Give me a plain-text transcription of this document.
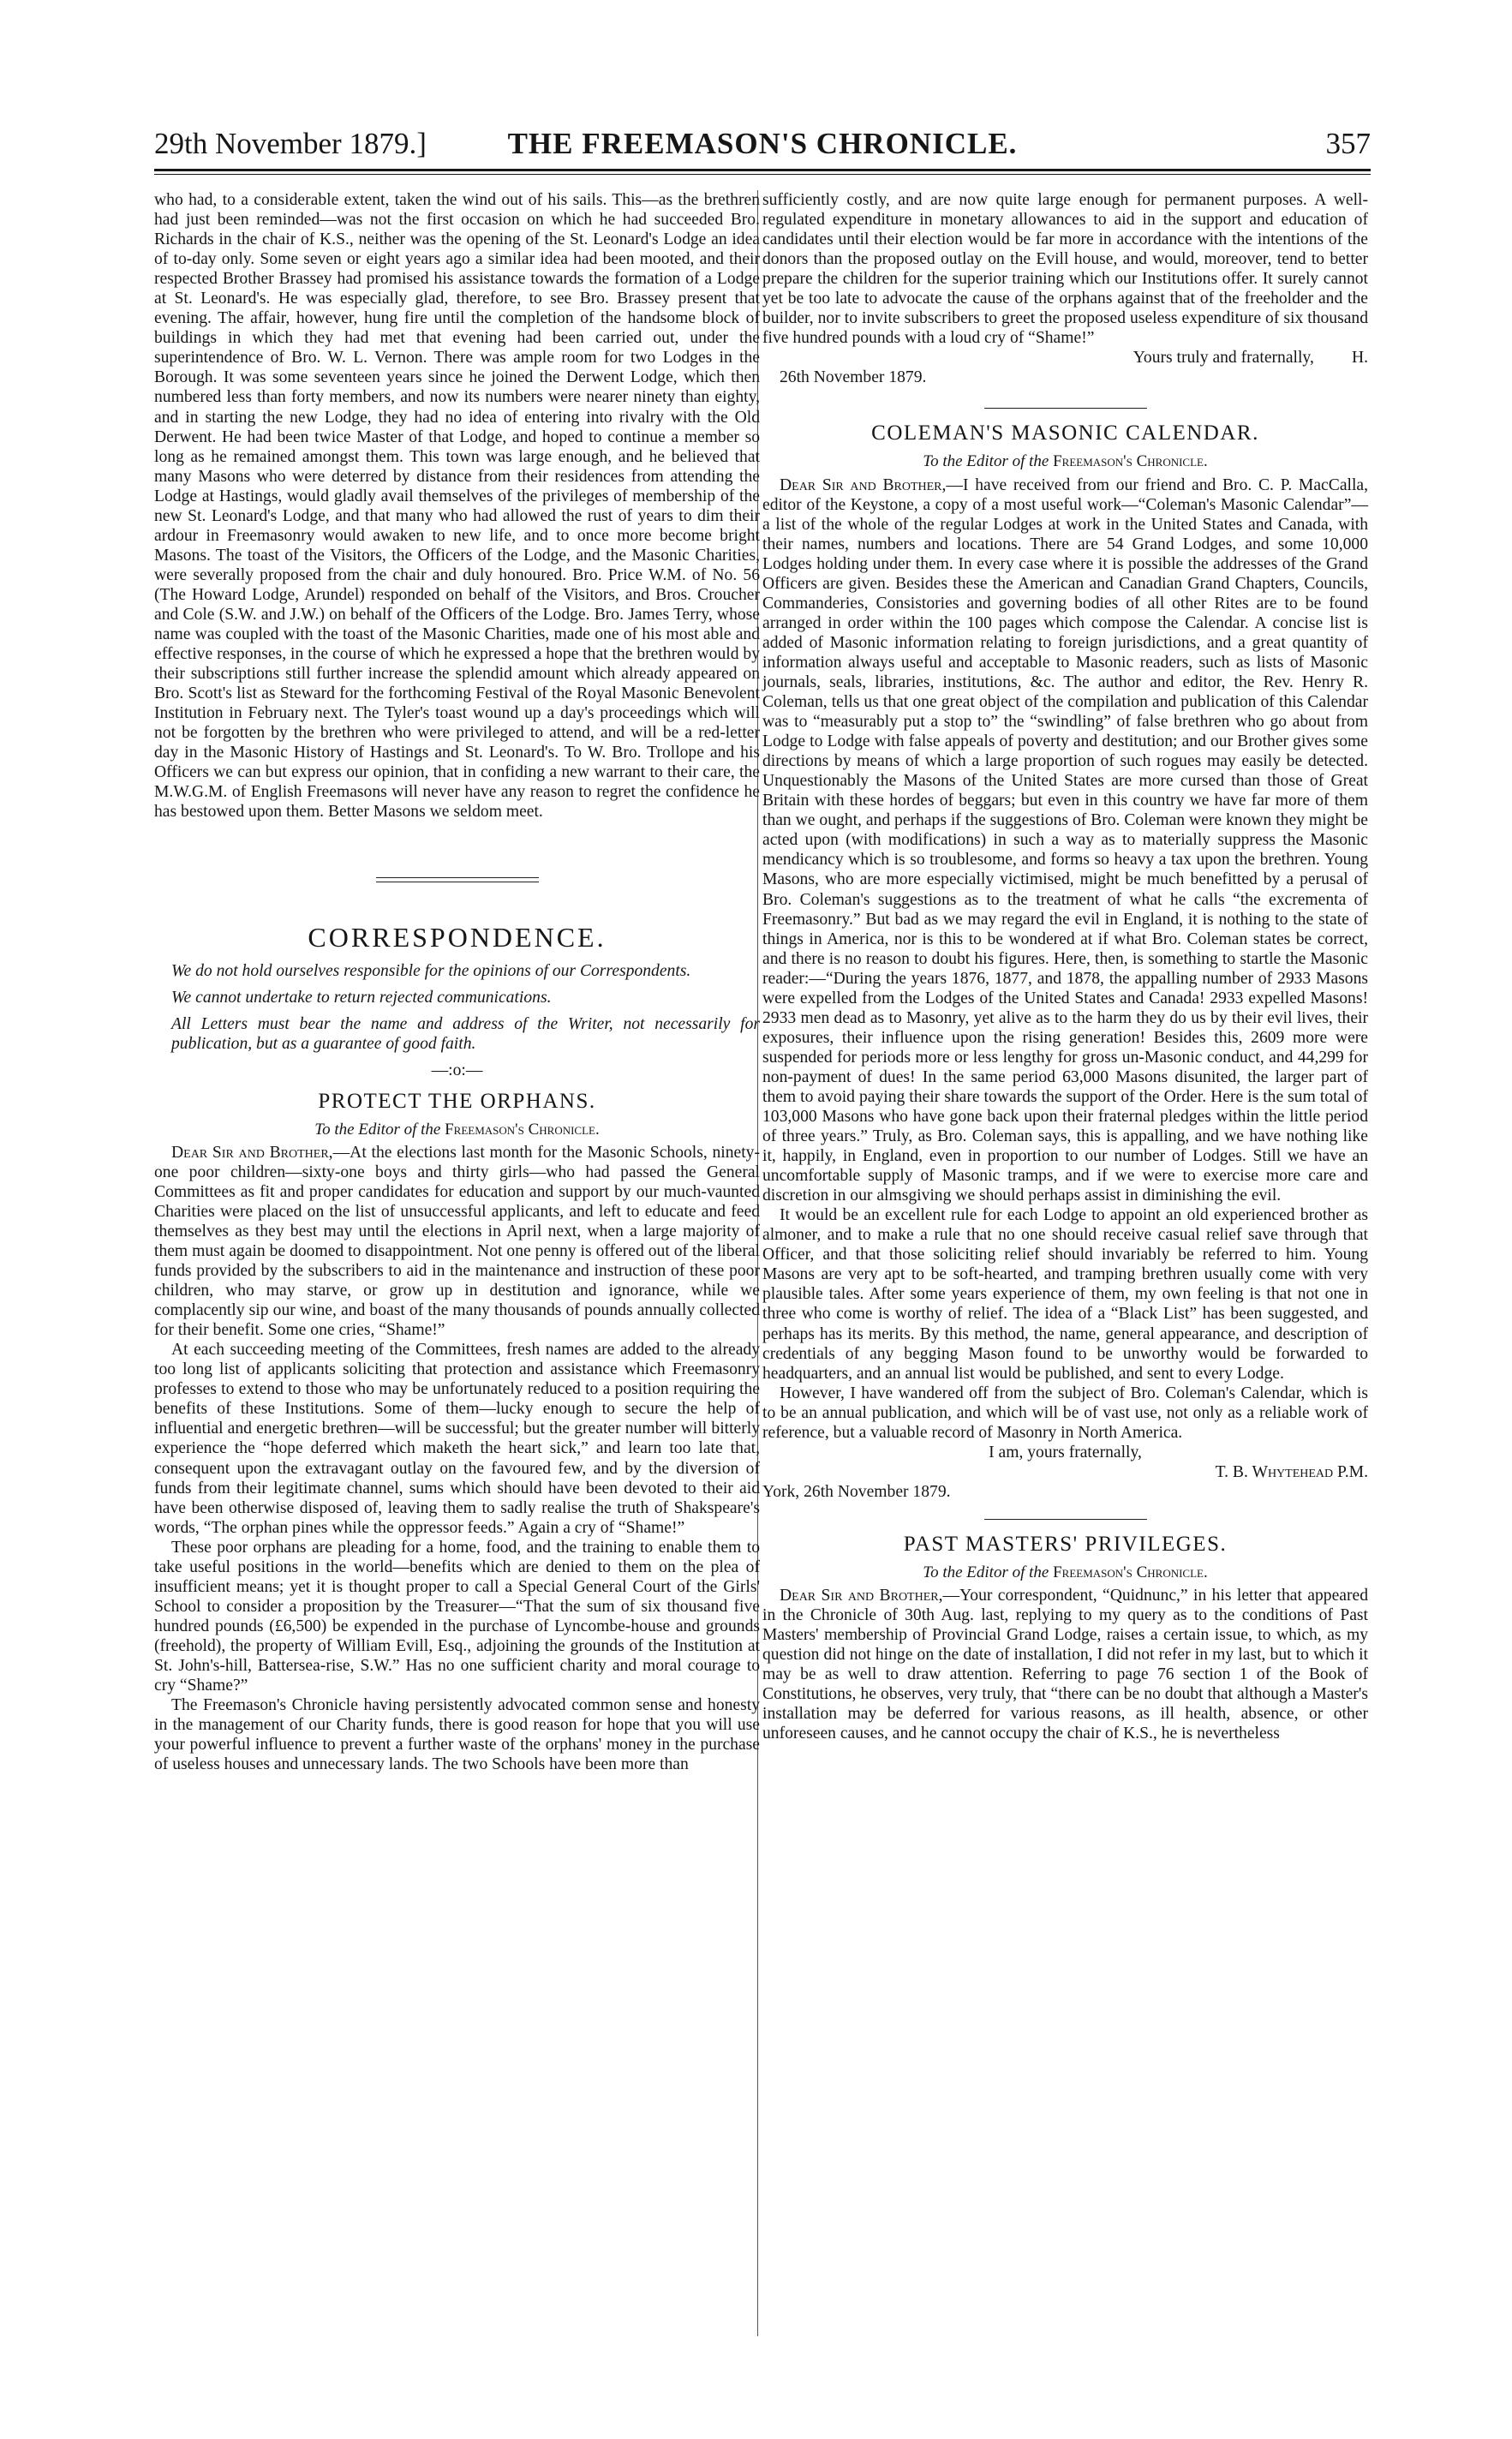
29th November 1879.]	THE FREEMASON'S CHRONICLE.	357

who had, to a considerable extent, taken the wind out of his sails. This—as the brethren had just been reminded—was not the first occasion on which he had succeeded Bro. Richards in the chair of K.S., neither was the opening of the St. Leonard's Lodge an idea of to-day only. Some seven or eight years ago a similar idea had been mooted, and their respected Brother Brassey had promised his assistance towards the formation of a Lodge at St. Leonard's. He was especially glad, therefore, to see Bro. Brassey present that evening. The affair, however, hung fire until the completion of the handsome block of buildings in which they had met that evening had been carried out, under the superintendence of Bro. W. L. Vernon. There was ample room for two Lodges in the Borough. It was some seventeen years since he joined the Derwent Lodge, which then numbered less than forty members, and now its numbers were nearer ninety than eighty, and in starting the new Lodge, they had no idea of entering into rivalry with the Old Derwent. He had been twice Master of that Lodge, and hoped to continue a member so long as he remained amongst them. This town was large enough, and he believed that many Masons who were deterred by distance from their residences from attending the Lodge at Hastings, would gladly avail themselves of the privileges of membership of the new St. Leonard's Lodge, and that many who had allowed the rust of years to dim their ardour in Freemasonry would awaken to new life, and to once more become bright Masons. The toast of the Visitors, the Officers of the Lodge, and the Masonic Charities, were severally proposed from the chair and duly honoured. Bro. Price W.M. of No. 56 (The Howard Lodge, Arundel) responded on behalf of the Visitors, and Bros. Croucher and Cole (S.W. and J.W.) on behalf of the Officers of the Lodge. Bro. James Terry, whose name was coupled with the toast of the Masonic Charities, made one of his most able and effective responses, in the course of which he expressed a hope that the brethren would by their subscriptions still further increase the splendid amount which already appeared on Bro. Scott's list as Steward for the forthcoming Festival of the Royal Masonic Benevolent Institution in February next. The Tyler's toast wound up a day's proceedings which will not be forgotten by the brethren who were privileged to attend, and will be a red-letter day in the Masonic History of Hastings and St. Leonard's. To W. Bro. Trollope and his Officers we can but express our opinion, that in confiding a new warrant to their care, the M.W.G.M. of English Freemasons will never have any reason to regret the confidence he has bestowed upon them. Better Masons we seldom meet.

CORRESPONDENCE.

We do not hold ourselves responsible for the opinions of our Correspondents.

We cannot undertake to return rejected communications.

All Letters must bear the name and address of the Writer, not necessarily for publication, but as a guarantee of good faith.

—:o:—

PROTECT THE ORPHANS.

To the Editor of the Freemason's Chronicle.

Dear Sir and Brother,—At the elections last month for the Masonic Schools, ninety-one poor children—sixty-one boys and thirty girls—who had passed the General Committees as fit and proper candidates for education and support by our much-vaunted Charities were placed on the list of unsuccessful applicants, and left to educate and feed themselves as they best may until the elections in April next, when a large majority of them must again be doomed to disappointment. Not one penny is offered out of the liberal funds provided by the subscribers to aid in the maintenance and instruction of these poor children, who may starve, or grow up in destitution and ignorance, while we complacently sip our wine, and boast of the many thousands of pounds annually collected for their benefit. Some one cries, “Shame!”

At each succeeding meeting of the Committees, fresh names are added to the already too long list of applicants soliciting that protection and assistance which Freemasonry professes to extend to those who may be unfortunately reduced to a position requiring the benefits of these Institutions. Some of them—lucky enough to secure the help of influential and energetic brethren—will be successful; but the greater number will bitterly experience the “hope deferred which maketh the heart sick,” and learn too late that, consequent upon the extravagant outlay on the favoured few, and by the diversion of funds from their legitimate channel, sums which should have been devoted to their aid have been otherwise disposed of, leaving them to sadly realise the truth of Shakspeare's words, “The orphan pines while the oppressor feeds.” Again a cry of “Shame!”

These poor orphans are pleading for a home, food, and the training to enable them to take useful positions in the world—benefits which are denied to them on the plea of insufficient means; yet it is thought proper to call a Special General Court of the Girls' School to consider a proposition by the Treasurer—“That the sum of six thousand five hundred pounds (£6,500) be expended in the purchase of Lyncombe-house and grounds (freehold), the property of William Evill, Esq., adjoining the grounds of the Institution at St. John's-hill, Battersea-rise, S.W.” Has no one sufficient charity and moral courage to cry “Shame?”

The Freemason's Chronicle having persistently advocated common sense and honesty in the management of our Charity funds, there is good reason for hope that you will use your powerful influence to prevent a further waste of the orphans' money in the purchase of useless houses and unnecessary lands. The two Schools have been more than

sufficiently costly, and are now quite large enough for permanent purposes. A well-regulated expenditure in monetary allowances to aid in the support and education of candidates until their election would be far more in accordance with the intentions of the donors than the proposed outlay on the Evill house, and would, moreover, tend to better prepare the children for the superior training which our Institutions offer. It surely cannot yet be too late to advocate the cause of the orphans against that of the freeholder and the builder, nor to invite subscribers to greet the proposed useless expenditure of six thousand five hundred pounds with a loud cry of “Shame!”

Yours truly and fraternally, H.

26th November 1879.

COLEMAN'S MASONIC CALENDAR.

To the Editor of the Freemason's Chronicle.

Dear Sir and Brother,—I have received from our friend and Bro. C. P. MacCalla, editor of the Keystone, a copy of a most useful work—“Coleman's Masonic Calendar”—a list of the whole of the regular Lodges at work in the United States and Canada, with their names, numbers and locations. There are 54 Grand Lodges, and some 10,000 Lodges holding under them. In every case where it is possible the addresses of the Grand Officers are given. Besides these the American and Canadian Grand Chapters, Councils, Commanderies, Consistories and governing bodies of all other Rites are to be found arranged in order within the 100 pages which compose the Calendar. A concise list is added of Masonic information relating to foreign jurisdictions, and a great quantity of information always useful and acceptable to Masonic readers, such as lists of Masonic journals, seals, libraries, institutions, &c. The author and editor, the Rev. Henry R. Coleman, tells us that one great object of the compilation and publication of this Calendar was to “measurably put a stop to” the “swindling” of false brethren who go about from Lodge to Lodge with false appeals of poverty and destitution; and our Brother gives some directions by means of which a large proportion of such rogues may easily be detected. Unquestionably the Masons of the United States are more cursed than those of Great Britain with these hordes of beggars; but even in this country we have far more of them than we ought, and perhaps if the suggestions of Bro. Coleman were known they might be acted upon (with modifications) in such a way as to materially suppress the Masonic mendicancy which is so troublesome, and forms so heavy a tax upon the brethren. Young Masons, who are more especially victimised, might be much benefitted by a perusal of Bro. Coleman's suggestions as to the treatment of what he calls “the excrementa of Freemasonry.” But bad as we may regard the evil in England, it is nothing to the state of things in America, nor is this to be wondered at if what Bro. Coleman states be correct, and there is no reason to doubt his figures. Here, then, is something to startle the Masonic reader:—“During the years 1876, 1877, and 1878, the appalling number of 2933 Masons were expelled from the Lodges of the United States and Canada! 2933 expelled Masons! 2933 men dead as to Masonry, yet alive as to the harm they do us by their evil lives, their exposures, their influence upon the rising generation! Besides this, 2609 more were suspended for periods more or less lengthy for gross un-Masonic conduct, and 44,299 for non-payment of dues! In the same period 63,000 Masons disunited, the larger part of them to avoid paying their share towards the support of the Order. Here is the sum total of 103,000 Masons who have gone back upon their fraternal pledges within the little period of three years.” Truly, as Bro. Coleman says, this is appalling, and we have nothing like it, happily, in England, even in proportion to our number of Lodges. Still we have an uncomfortable supply of Masonic tramps, and if we were to exercise more care and discretion in our almsgiving we should perhaps assist in diminishing the evil.

It would be an excellent rule for each Lodge to appoint an old experienced brother as almoner, and to make a rule that no one should receive casual relief save through that Officer, and that those soliciting relief should invariably be referred to him. Young Masons are very apt to be soft-hearted, and tramping brethren usually come with very plausible tales. After some years experience of them, my own feeling is that not one in three who come is worthy of relief. The idea of a “Black List” has been suggested, and perhaps has its merits. By this method, the name, general appearance, and description of credentials of any begging Mason found to be unworthy would be forwarded to headquarters, and an annual list would be published, and sent to every Lodge.

However, I have wandered off from the subject of Bro. Coleman's Calendar, which is to be an annual publication, and which will be of vast use, not only as a reliable work of reference, but a valuable record of Masonry in North America.

I am, yours fraternally,

T. B. Whytehead P.M.

York, 26th November 1879.

PAST MASTERS' PRIVILEGES.

To the Editor of the Freemason's Chronicle.

Dear Sir and Brother,—Your correspondent, “Quidnunc,” in his letter that appeared in the Chronicle of 30th Aug. last, replying to my query as to the conditions of Past Masters' membership of Provincial Grand Lodge, raises a certain issue, to which, as my question did not hinge on the date of installation, I did not refer in my last, but to which it may be as well to draw attention. Referring to page 76 section 1 of the Book of Constitutions, he observes, very truly, that “there can be no doubt that although a Master's installation may be deferred for various reasons, as ill health, absence, or other unforeseen causes, and he cannot occupy the chair of K.S., he is nevertheless
